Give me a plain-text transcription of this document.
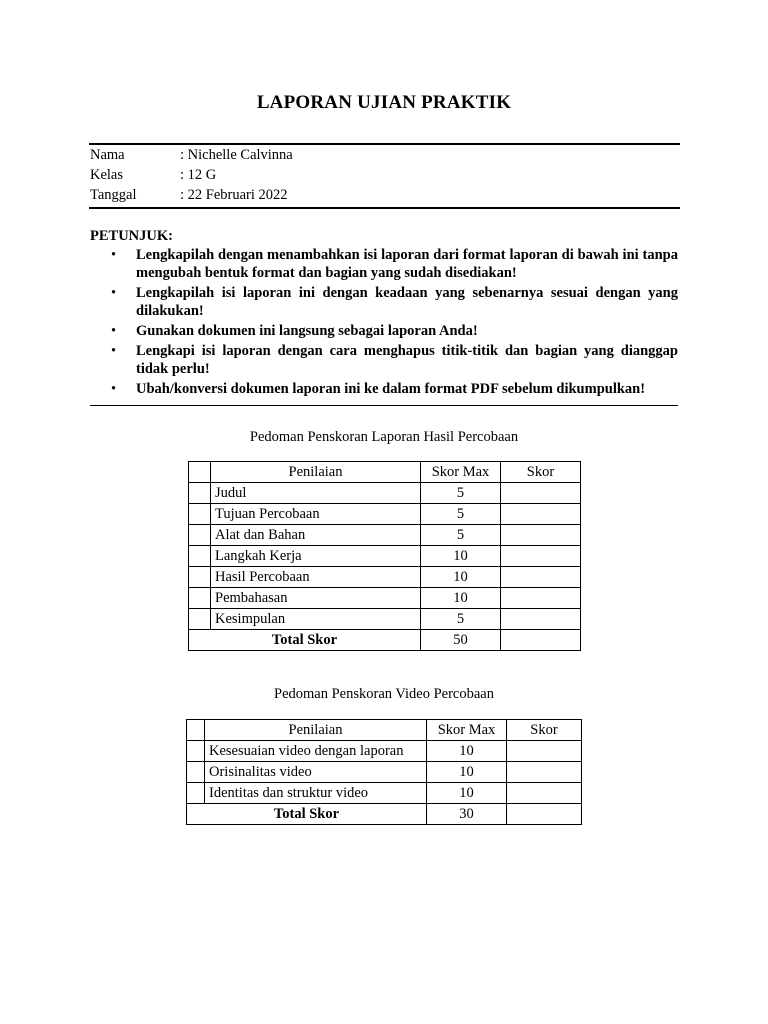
LAPORAN UJIAN PRAKTIK
Nama	: Nichelle Calvinna
Kelas	: 12 G
Tanggal	: 22 Februari 2022
PETUNJUK:
• Lengkapilah dengan menambahkan isi laporan dari format laporan di bawah ini tanpa mengubah bentuk format dan bagian yang sudah disediakan!
• Lengkapilah isi laporan ini dengan keadaan yang sebenarnya sesuai dengan yang dilakukan!
• Gunakan dokumen ini langsung sebagai laporan Anda!
• Lengkapi isi laporan dengan cara menghapus titik-titik dan bagian yang dianggap tidak perlu!
• Ubah/konversi dokumen laporan ini ke dalam format PDF sebelum dikumpulkan!
Pedoman Penskoran Laporan Hasil Percobaan
	Penilaian	Skor Max	Skor
	Judul	5	
	Tujuan Percobaan	5	
	Alat dan Bahan	5	
	Langkah Kerja	10	
	Hasil Percobaan	10	
	Pembahasan	10	
	Kesimpulan	5	
Total Skor		50	
Pedoman Penskoran Video Percobaan
	Penilaian	Skor Max	Skor
	Kesesuaian video dengan laporan	10	
	Orisinalitas video	10	
	Identitas dan struktur video	10	
Total Skor		30	
